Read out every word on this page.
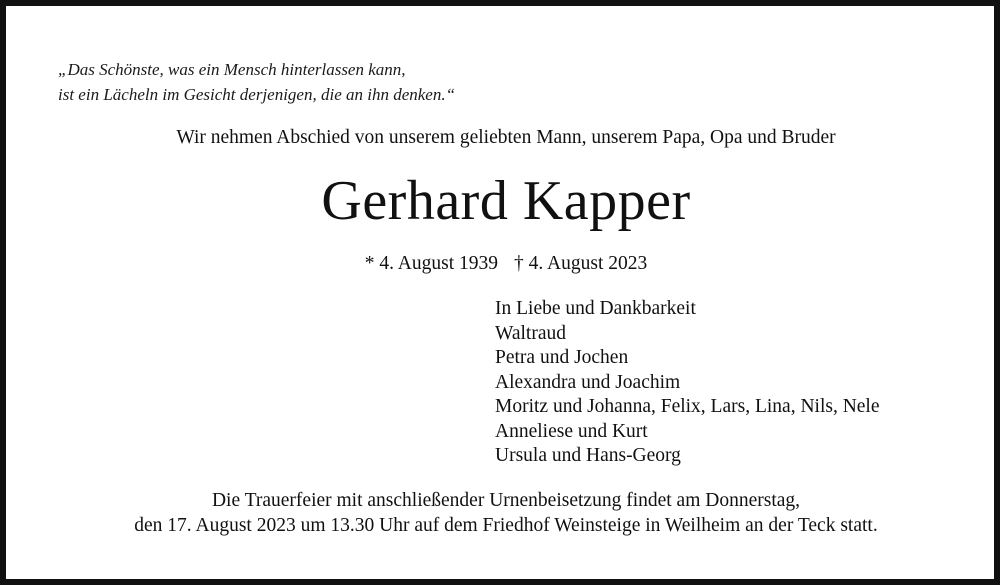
„Das Schönste, was ein Mensch hinterlassen kann,
ist ein Lächeln im Gesicht derjenigen, die an ihn denken.“
Wir nehmen Abschied von unserem geliebten Mann, unserem Papa, Opa und Bruder
Gerhard Kapper
* 4. August 1939 † 4. August 2023
In Liebe und Dankbarkeit
Waltraud
Petra und Jochen
Alexandra und Joachim
Moritz und Johanna, Felix, Lars, Lina, Nils, Nele
Anneliese und Kurt
Ursula und Hans-Georg
Die Trauerfeier mit anschließender Urnenbeisetzung findet am Donnerstag,
den 17. August 2023 um 13.30 Uhr auf dem Friedhof Weinsteige in Weilheim an der Teck statt.
